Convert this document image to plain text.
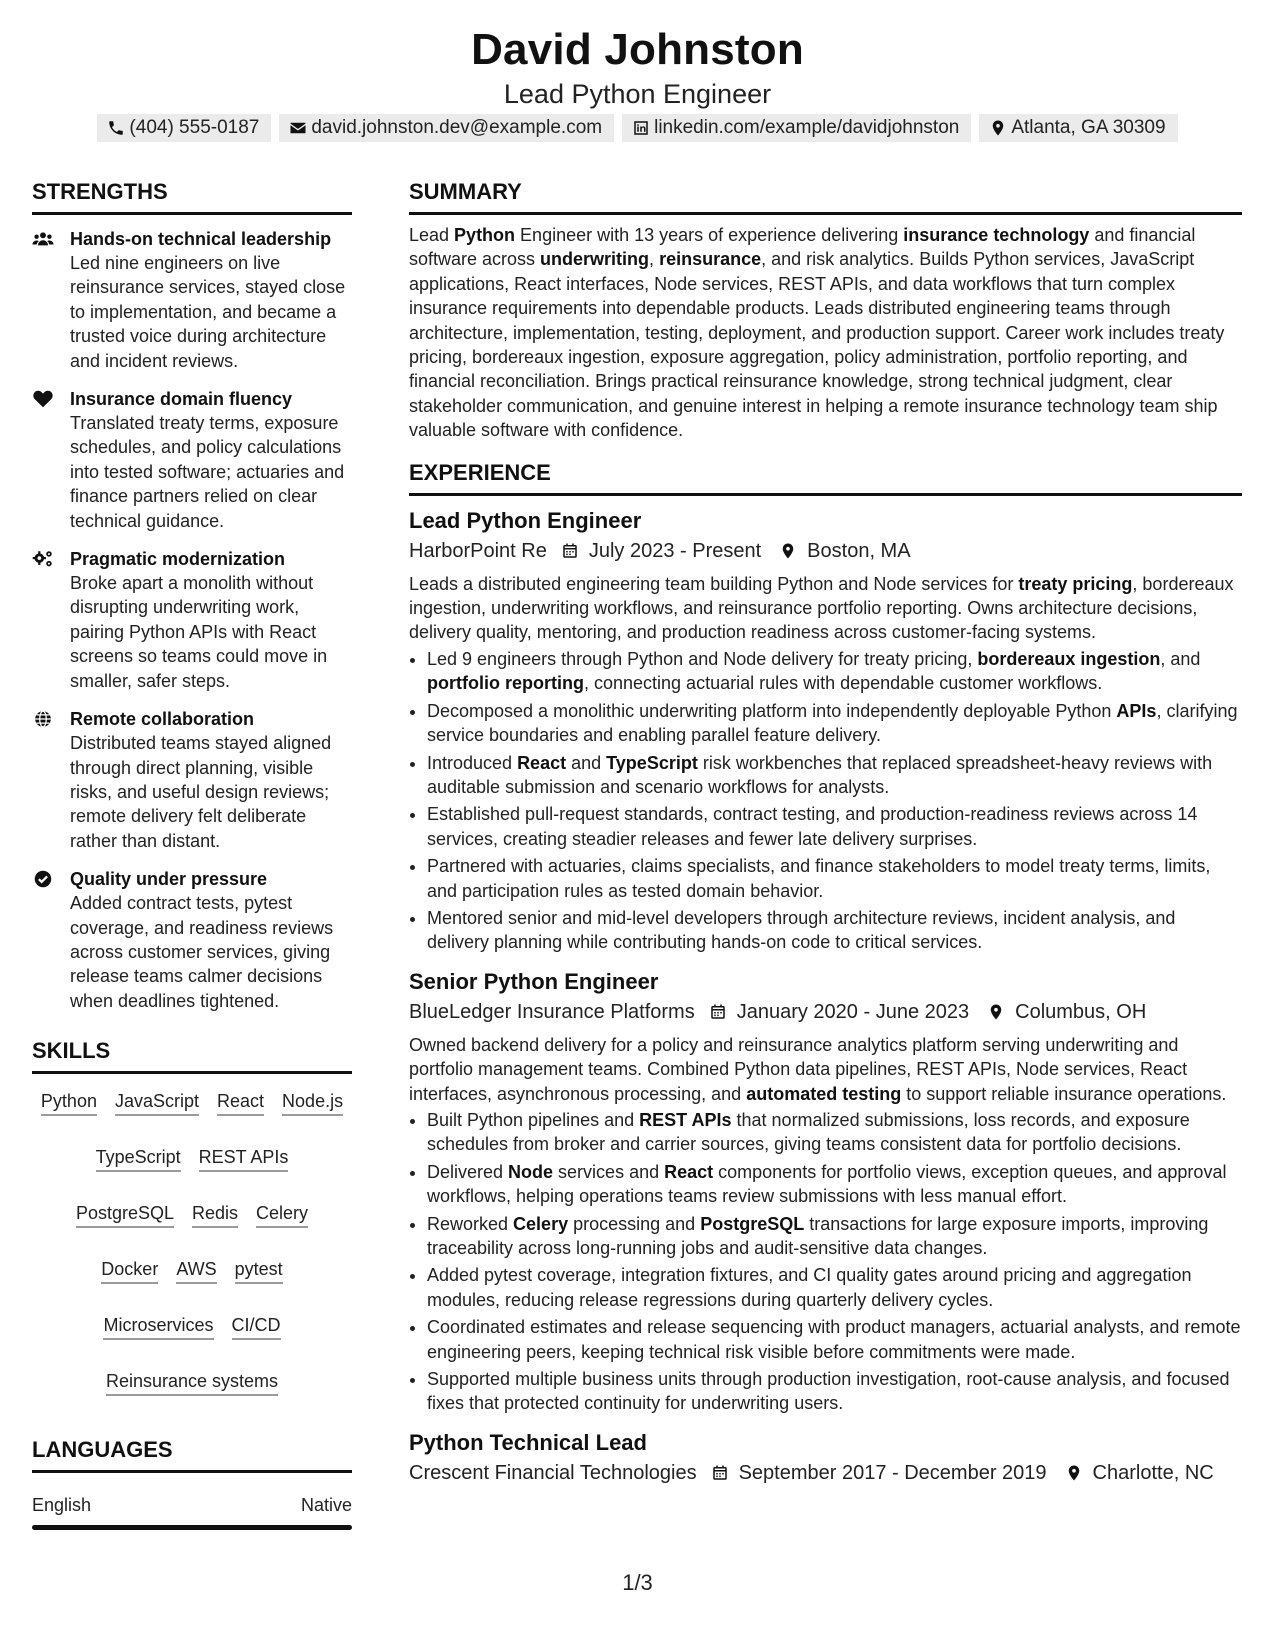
David Johnston
Lead Python Engineer
(404) 555-0187	david.johnston.dev@example.com	linkedin.com/example/davidjohnston	Atlanta, GA 30309
STRENGTHS
Hands-on technical leadership
Led nine engineers on live reinsurance services, stayed close to implementation, and became a trusted voice during architecture and incident reviews.
Insurance domain fluency
Translated treaty terms, exposure schedules, and policy calculations into tested software; actuaries and finance partners relied on clear technical guidance.
Pragmatic modernization
Broke apart a monolith without disrupting underwriting work, pairing Python APIs with React screens so teams could move in smaller, safer steps.
Remote collaboration
Distributed teams stayed aligned through direct planning, visible risks, and useful design reviews; remote delivery felt deliberate rather than distant.
Quality under pressure
Added contract tests, pytest coverage, and readiness reviews across customer services, giving release teams calmer decisions when deadlines tightened.
SKILLS
Python JavaScript React Node.js
TypeScript REST APIs
PostgreSQL Redis Celery
Docker AWS pytest
Microservices CI/CD
Reinsurance systems
LANGUAGES
English	Native
SUMMARY
Lead Python Engineer with 13 years of experience delivering insurance technology and financial software across underwriting, reinsurance, and risk analytics. Builds Python services, JavaScript applications, React interfaces, Node services, REST APIs, and data workflows that turn complex insurance requirements into dependable products. Leads distributed engineering teams through architecture, implementation, testing, deployment, and production support. Career work includes treaty pricing, bordereaux ingestion, exposure aggregation, policy administration, portfolio reporting, and financial reconciliation. Brings practical reinsurance knowledge, strong technical judgment, clear stakeholder communication, and genuine interest in helping a remote insurance technology team ship valuable software with confidence.
EXPERIENCE
Lead Python Engineer
HarborPoint Re July 2023 - Present Boston, MA
Leads a distributed engineering team building Python and Node services for treaty pricing, bordereaux ingestion, underwriting workflows, and reinsurance portfolio reporting. Owns architecture decisions, delivery quality, mentoring, and production readiness across customer-facing systems.
• Led 9 engineers through Python and Node delivery for treaty pricing, bordereaux ingestion, and portfolio reporting, connecting actuarial rules with dependable customer workflows.
• Decomposed a monolithic underwriting platform into independently deployable Python APIs, clarifying service boundaries and enabling parallel feature delivery.
• Introduced React and TypeScript risk workbenches that replaced spreadsheet-heavy reviews with auditable submission and scenario workflows for analysts.
• Established pull-request standards, contract testing, and production-readiness reviews across 14 services, creating steadier releases and fewer late delivery surprises.
• Partnered with actuaries, claims specialists, and finance stakeholders to model treaty terms, limits, and participation rules as tested domain behavior.
• Mentored senior and mid-level developers through architecture reviews, incident analysis, and delivery planning while contributing hands-on code to critical services.
Senior Python Engineer
BlueLedger Insurance Platforms January 2020 - June 2023 Columbus, OH
Owned backend delivery for a policy and reinsurance analytics platform serving underwriting and portfolio management teams. Combined Python data pipelines, REST APIs, Node services, React interfaces, asynchronous processing, and automated testing to support reliable insurance operations.
• Built Python pipelines and REST APIs that normalized submissions, loss records, and exposure schedules from broker and carrier sources, giving teams consistent data for portfolio decisions.
• Delivered Node services and React components for portfolio views, exception queues, and approval workflows, helping operations teams review submissions with less manual effort.
• Reworked Celery processing and PostgreSQL transactions for large exposure imports, improving traceability across long-running jobs and audit-sensitive data changes.
• Added pytest coverage, integration fixtures, and CI quality gates around pricing and aggregation modules, reducing release regressions during quarterly delivery cycles.
• Coordinated estimates and release sequencing with product managers, actuarial analysts, and remote engineering peers, keeping technical risk visible before commitments were made.
• Supported multiple business units through production investigation, root-cause analysis, and focused fixes that protected continuity for underwriting users.
Python Technical Lead
Crescent Financial Technologies September 2017 - December 2019 Charlotte, NC
1/3
